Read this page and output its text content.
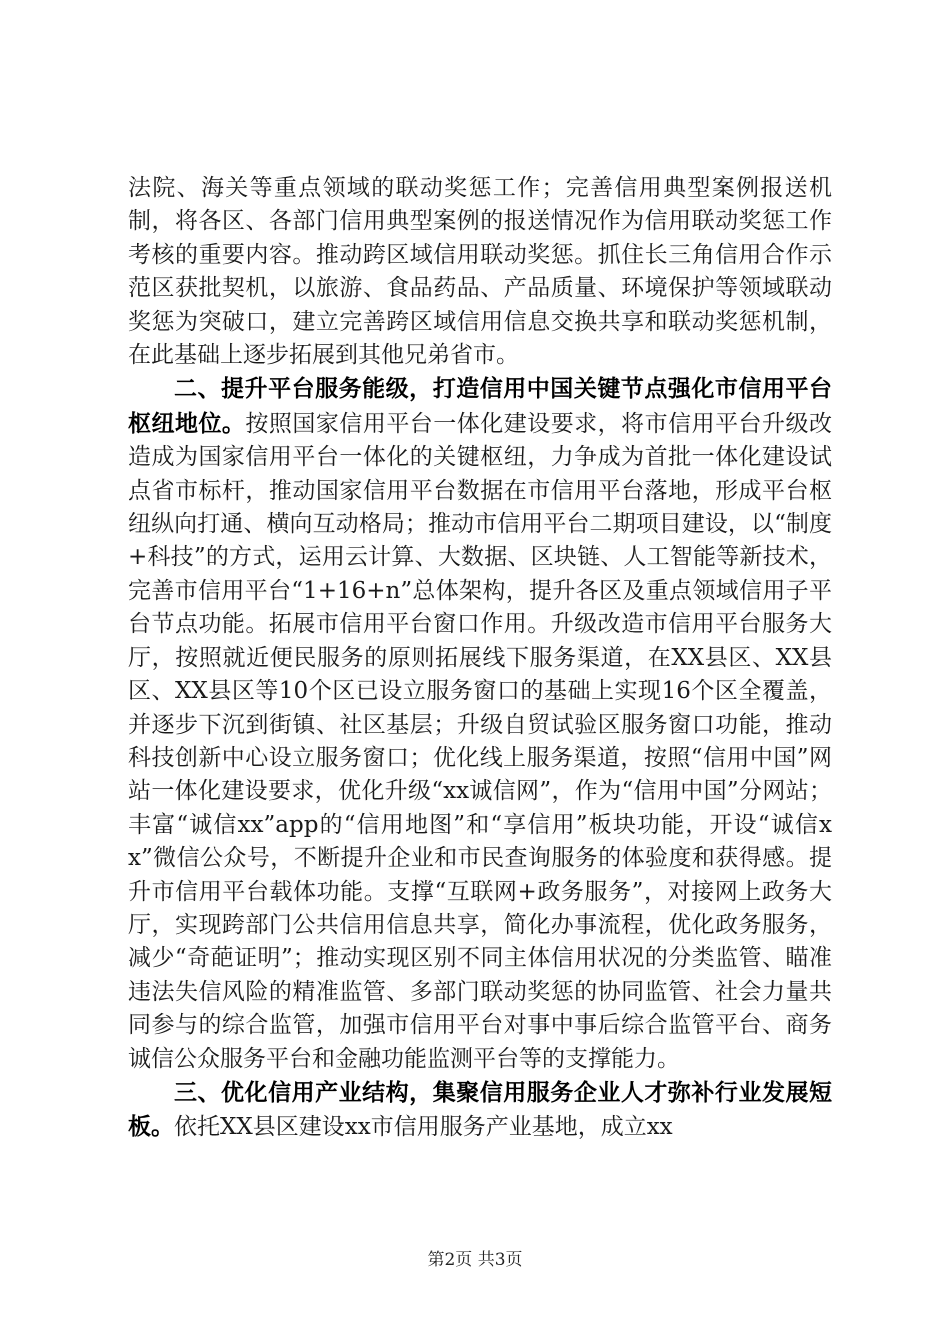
法院、海关等重点领域的联动奖惩工作；完善信用典型案例报送机制，将各区、各部门信用典型案例的报送情况作为信用联动奖惩工作考核的重要内容。推动跨区域信用联动奖惩。抓住长三角信用合作示范区获批契机，以旅游、食品药品、产品质量、环境保护等领域联动奖惩为突破口，建立完善跨区域信用信息交换共享和联动奖惩机制，在此基础上逐步拓展到其他兄弟省市。

二、提升平台服务能级，打造信用中国关键节点强化市信用平台枢纽地位。按照国家信用平台一体化建设要求，将市信用平台升级改造成为国家信用平台一体化的关键枢纽，力争成为首批一体化建设试点省市标杆，推动国家信用平台数据在市信用平台落地，形成平台枢纽纵向打通、横向互动格局；推动市信用平台二期项目建设，以“制度+科技”的方式，运用云计算、大数据、区块链、人工智能等新技术，完善市信用平台“1+16+n”总体架构，提升各区及重点领域信用子平台节点功能。拓展市信用平台窗口作用。升级改造市信用平台服务大厅，按照就近便民服务的原则拓展线下服务渠道，在XX县区、XX县区、XX县区等10个区已设立服务窗口的基础上实现16个区全覆盖，并逐步下沉到街镇、社区基层；升级自贸试验区服务窗口功能，推动科技创新中心设立服务窗口；优化线上服务渠道，按照“信用中国”网站一体化建设要求，优化升级“xx诚信网”，作为“信用中国”分网站；丰富“诚信xx”app的“信用地图”和“享信用”板块功能，开设“诚信xx”微信公众号，不断提升企业和市民查询服务的体验度和获得感。提升市信用平台载体功能。支撑“互联网+政务服务”，对接网上政务大厅，实现跨部门公共信用信息共享，简化办事流程，优化政务服务，减少“奇葩证明”；推动实现区别不同主体信用状况的分类监管、瞄准违法失信风险的精准监管、多部门联动奖惩的协同监管、社会力量共同参与的综合监管，加强市信用平台对事中事后综合监管平台、商务诚信公众服务平台和金融功能监测平台等的支撑能力。

三、优化信用产业结构，集聚信用服务企业人才弥补行业发展短板。依托XX县区建设xx市信用服务产业基地，成立xx

第2页 共3页
